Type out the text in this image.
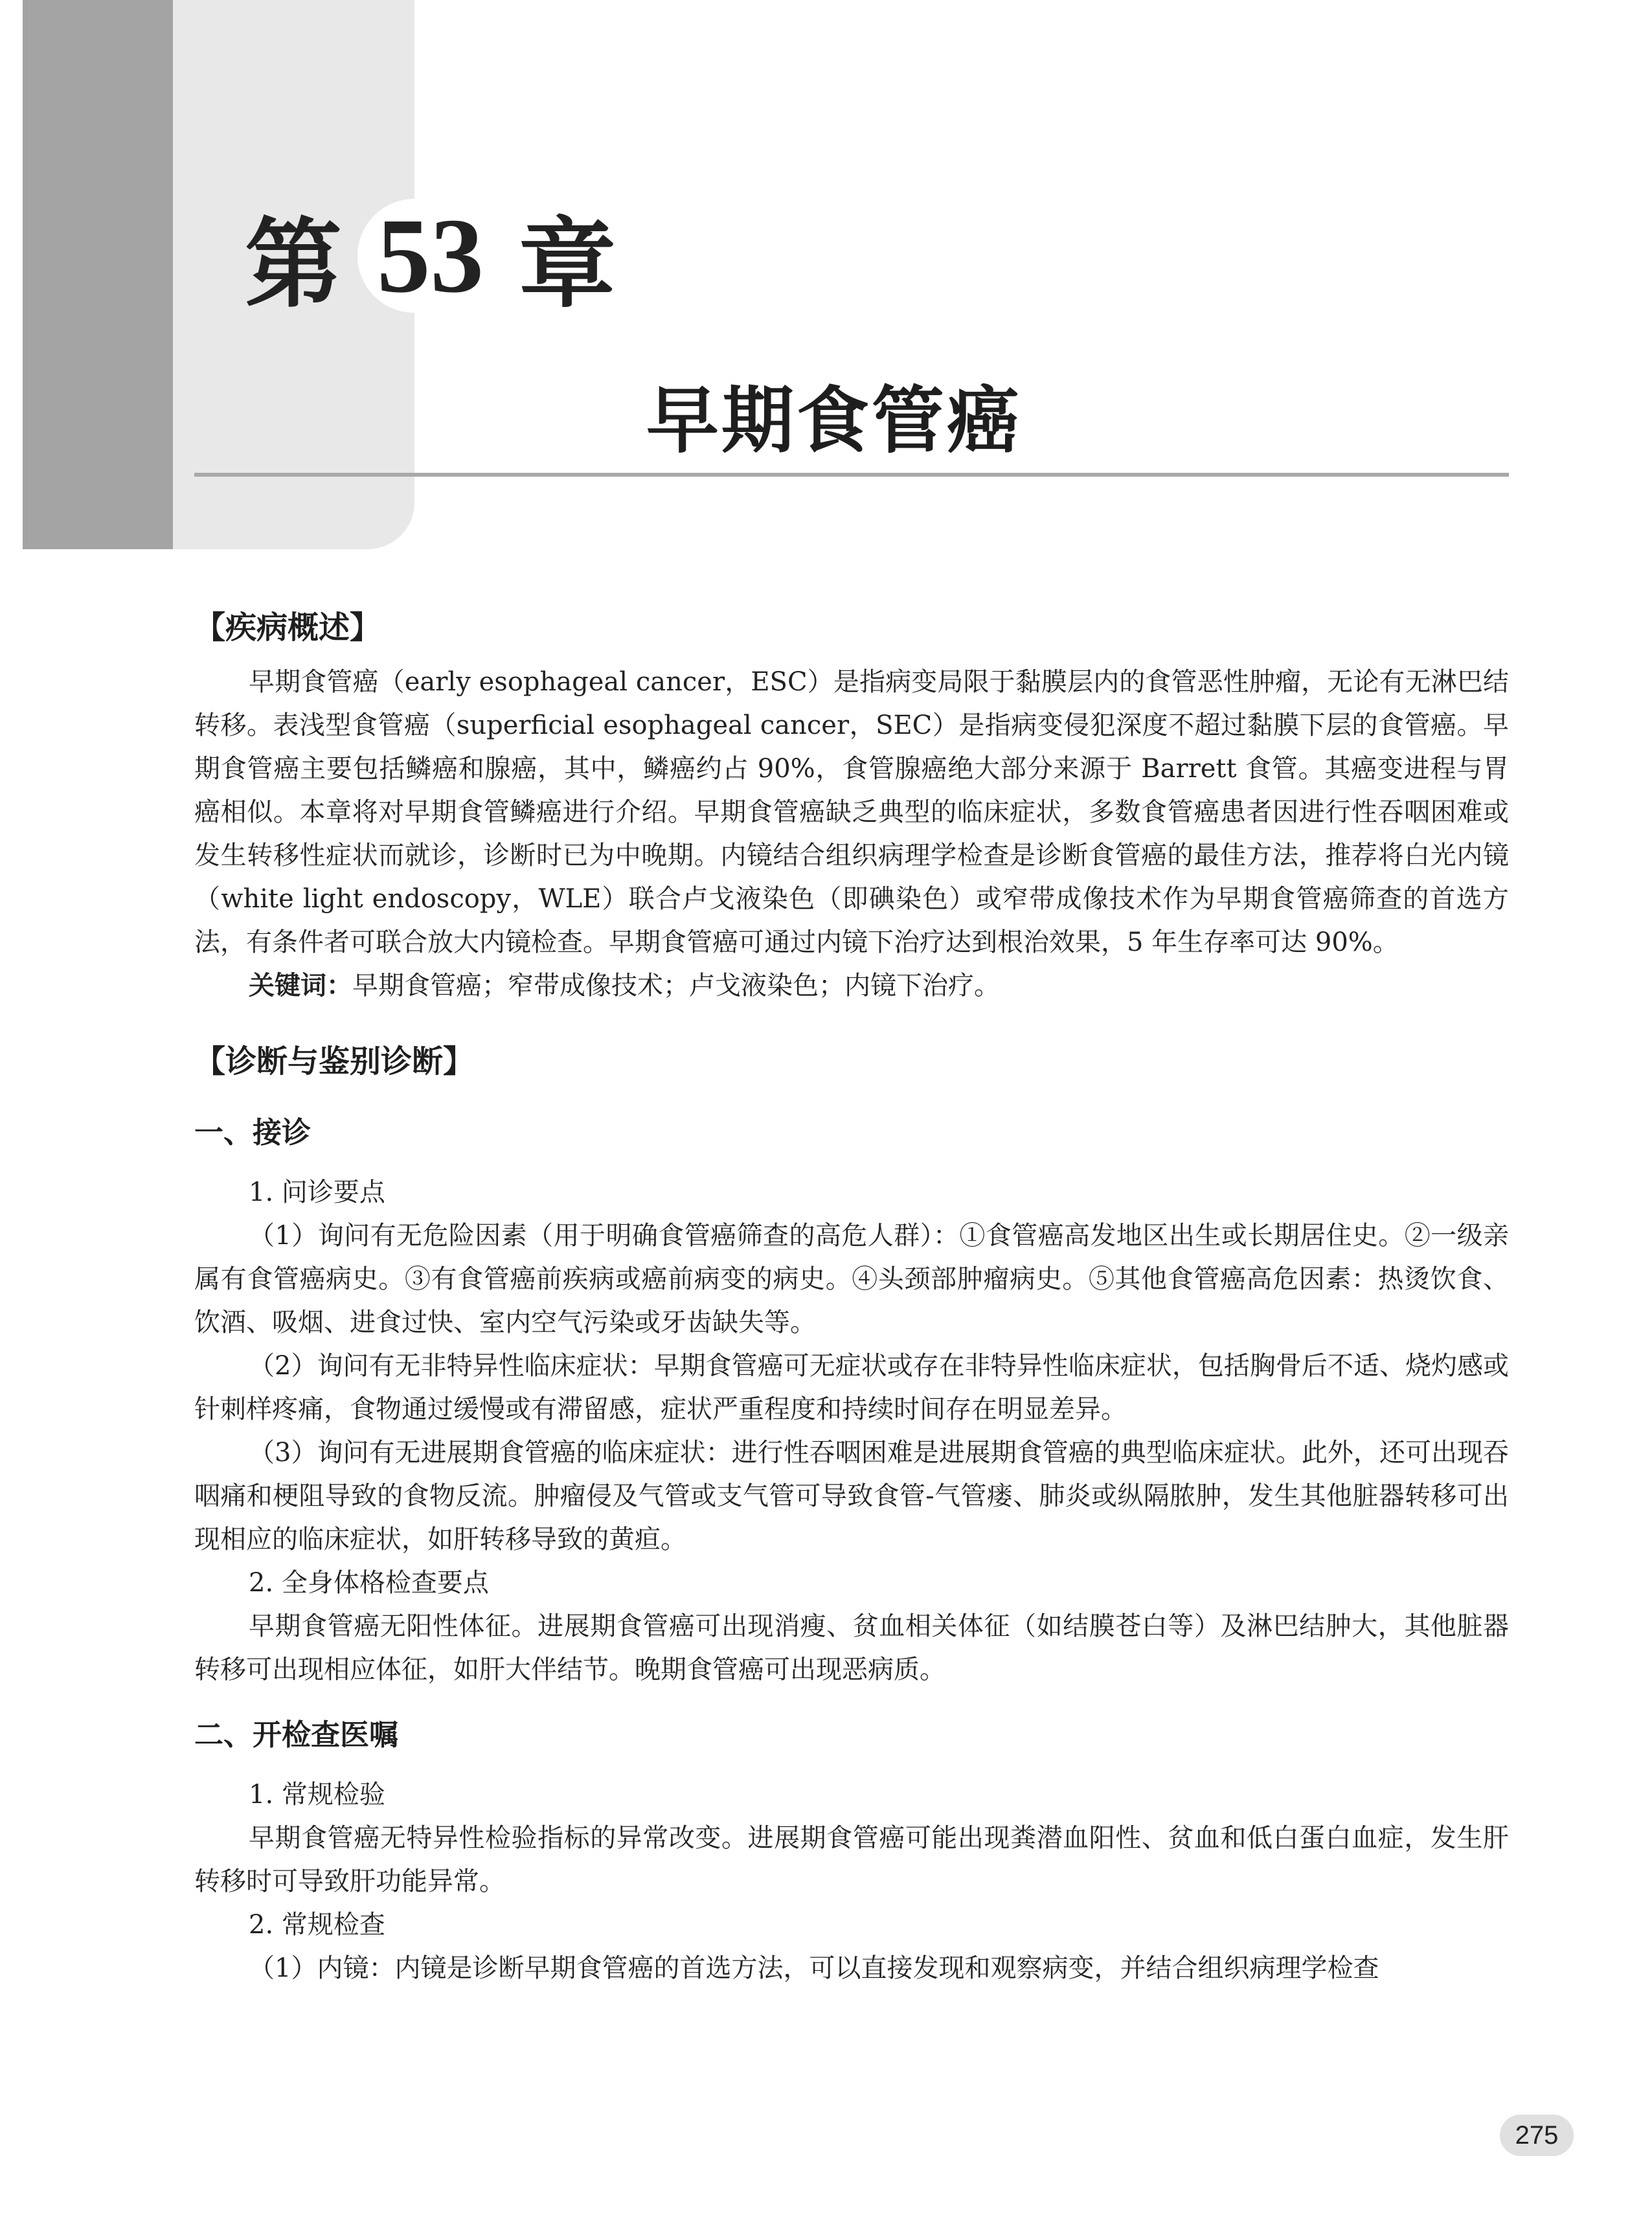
第 53 章
早期食管癌
【疾病概述】

早期食管癌（early esophageal cancer，ESC）是指病变局限于黏膜层内的食管恶性肿瘤，无论有无淋巴结转移。表浅型食管癌（superficial esophageal cancer，SEC）是指病变侵犯深度不超过黏膜下层的食管癌。早期食管癌主要包括鳞癌和腺癌，其中，鳞癌约占 90%，食管腺癌绝大部分来源于 Barrett 食管。其癌变进程与胃癌相似。本章将对早期食管鳞癌进行介绍。早期食管癌缺乏典型的临床症状，多数食管癌患者因进行性吞咽困难或发生转移性症状而就诊，诊断时已为中晚期。内镜结合组织病理学检查是诊断食管癌的最佳方法，推荐将白光内镜（white light endoscopy，WLE）联合卢戈液染色（即碘染色）或窄带成像技术作为早期食管癌筛查的首选方法，有条件者可联合放大内镜检查。早期食管癌可通过内镜下治疗达到根治效果，5 年生存率可达 90%。

关键词：早期食管癌；窄带成像技术；卢戈液染色；内镜下治疗。

【诊断与鉴别诊断】
一、接诊

1. 问诊要点

（1）询问有无危险因素（用于明确食管癌筛查的高危人群）：①食管癌高发地区出生或长期居住史。②一级亲属有食管癌病史。③有食管癌前疾病或癌前病变的病史。④头颈部肿瘤病史。⑤其他食管癌高危因素：热烫饮食、饮酒、吸烟、进食过快、室内空气污染或牙齿缺失等。

（2）询问有无非特异性临床症状：早期食管癌可无症状或存在非特异性临床症状，包括胸骨后不适、烧灼感或针刺样疼痛，食物通过缓慢或有滞留感，症状严重程度和持续时间存在明显差异。

（3）询问有无进展期食管癌的临床症状：进行性吞咽困难是进展期食管癌的典型临床症状。此外，还可出现吞咽痛和梗阻导致的食物反流。肿瘤侵及气管或支气管可导致食管-气管瘘、肺炎或纵隔脓肿，发生其他脏器转移可出现相应的临床症状，如肝转移导致的黄疸。

2. 全身体格检查要点

早期食管癌无阳性体征。进展期食管癌可出现消瘦、贫血相关体征（如结膜苍白等）及淋巴结肿大，其他脏器转移可出现相应体征，如肝大伴结节。晚期食管癌可出现恶病质。

二、开检查医嘱

1. 常规检验

早期食管癌无特异性检验指标的异常改变。进展期食管癌可能出现粪潜血阳性、贫血和低白蛋白血症，发生肝转移时可导致肝功能异常。

2. 常规检查

（1）内镜：内镜是诊断早期食管癌的首选方法，可以直接发现和观察病变，并结合组织病理学检查

275
